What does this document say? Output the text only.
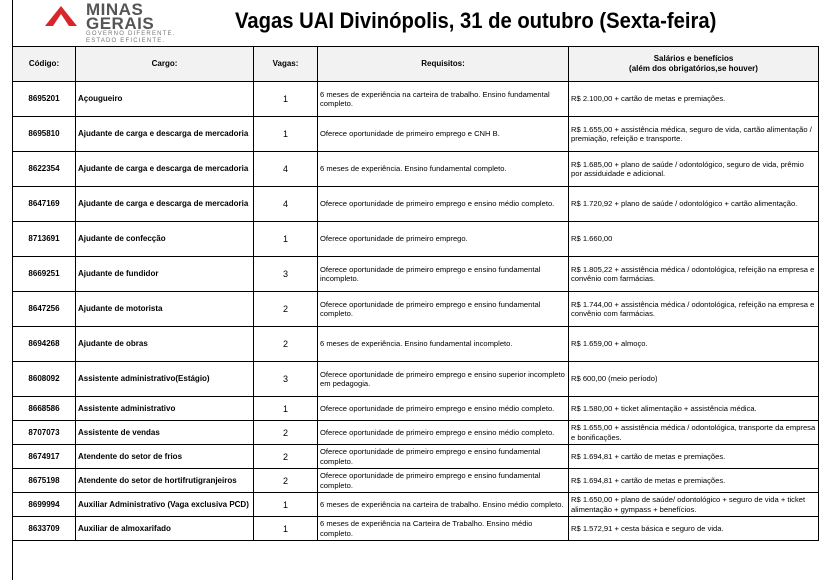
MINAS
GERAIS
GOVERNO DIFERENTE.
ESTADO EFICIENTE.
Vagas UAI Divinópolis, 31 de outubro (Sexta-feira)
Código:	Cargo:	Vagas:	Requisitos:	Salários e benefícios
(além dos obrigatórios,se houver)

8695201	Açougueiro	1	6 meses de experiência na carteira de trabalho. Ensino fundamental completo.	R$ 2.100,00 + cartão de metas e premiações.
8695810	Ajudante de carga e descarga de mercadoria	1	Oferece oportunidade de primeiro emprego e CNH B.	R$ 1.655,00 + assistência médica, seguro de vida, cartão alimentação / premiação, refeição e transporte.
8622354	Ajudante de carga e descarga de mercadoria	4	6 meses de experiência. Ensino fundamental completo.	R$ 1.685,00 + plano de saúde / odontológico, seguro de vida, prêmio por assiduidade e adicional.
8647169	Ajudante de carga e descarga de mercadoria	4	Oferece oportunidade de primeiro emprego e ensino médio completo.	R$ 1.720,92 + plano de saúde / odontológico + cartão alimentação.
8713691	Ajudante de confecção	1	Oferece oportunidade de primeiro emprego.	R$ 1.660,00
8669251	Ajudante de fundidor	3	Oferece oportunidade de primeiro emprego e ensino fundamental incompleto.	R$ 1.805,22 + assistência médica / odontológica, refeição na empresa e convênio com farmácias.
8647256	Ajudante de motorista	2	Oferece oportunidade de primeiro emprego e ensino fundamental completo.	R$ 1.744,00 + assistência médica / odontológica, refeição na empresa e convênio com farmácias.
8694268	Ajudante de obras	2	6 meses de experiência. Ensino fundamental incompleto.	R$ 1.659,00 + almoço.
8608092	Assistente administrativo(Estágio)	3	Oferece oportunidade de primeiro emprego e ensino superior incompleto em pedagogia.	R$ 600,00 (meio período)
8668586	Assistente administrativo	1	Oferece oportunidade de primeiro emprego e ensino médio completo.	R$ 1.580,00 + ticket alimentação + assistência médica.
8707073	Assistente de vendas	2	Oferece oportunidade de primeiro emprego e ensino médio completo.	R$ 1.655,00 + assistência médica / odontológica, transporte da empresa e bonificações.
8674917	Atendente do setor de frios	2	Oferece oportunidade de primeiro emprego e ensino fundamental completo.	R$ 1.694,81 + cartão de metas e premiações.
8675198	Atendente do setor de hortifrutigranjeiros	2	Oferece oportunidade de primeiro emprego e ensino fundamental completo.	R$ 1.694,81 + cartão de metas e premiações.
8699994	Auxiliar Administrativo (Vaga exclusiva PCD)	1	6 meses de experiência na carteira de trabalho. Ensino médio completo.	R$ 1.650,00 + plano de saúde/ odontológico + seguro de vida + ticket alimentação + gympass + benefícios.
8633709	Auxiliar de almoxarifado	1	6 meses de experiência na Carteira de Trabalho. Ensino médio completo.	R$ 1.572,91 + cesta básica e seguro de vida.
